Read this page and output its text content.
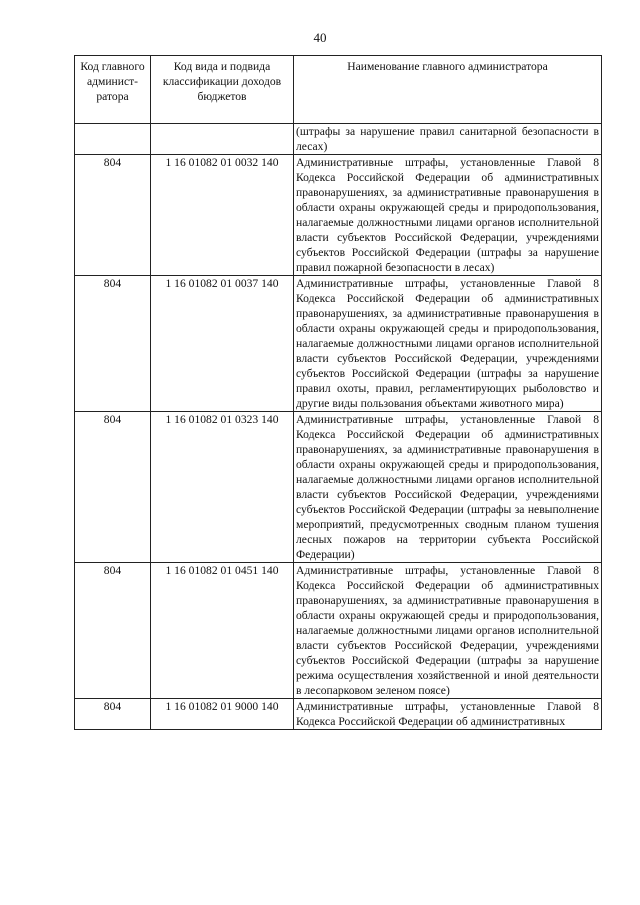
40
Код главного админист-ратора	Код вида и подвида классификации доходов бюджетов	Наименование главного администратора
		(штрафы за нарушение правил санитарной безопасности в лесах)
804	1 16 01082 01 0032 140	Административные штрафы, установленные Главой 8 Кодекса Российской Федерации об административных правонарушениях, за административные правонарушения в области охраны окружающей среды и природопользования, налагаемые должностными лицами органов исполнительной власти субъектов Российской Федерации, учреждениями субъектов Российской Федерации (штрафы за нарушение правил пожарной безопасности в лесах)
804	1 16 01082 01 0037 140	Административные штрафы, установленные Главой 8 Кодекса Российской Федерации об административных правонарушениях, за административные правонарушения в области охраны окружающей среды и природопользования, налагаемые должностными лицами органов исполнительной власти субъектов Российской Федерации, учреждениями субъектов Российской Федерации (штрафы за нарушение правил охоты, правил, регламентирующих рыболовство и другие виды пользования объектами животного мира)
804	1 16 01082 01 0323 140	Административные штрафы, установленные Главой 8 Кодекса Российской Федерации об административных правонарушениях, за административные правонарушения в области охраны окружающей среды и природопользования, налагаемые должностными лицами органов исполнительной власти субъектов Российской Федерации, учреждениями субъектов Российской Федерации (штрафы за невыполнение мероприятий, предусмотренных сводным планом тушения лесных пожаров на территории субъекта Российской Федерации)
804	1 16 01082 01 0451 140	Административные штрафы, установленные Главой 8 Кодекса Российской Федерации об административных правонарушениях, за административные правонарушения в области охраны окружающей среды и природопользования, налагаемые должностными лицами органов исполнительной власти субъектов Российской Федерации, учреждениями субъектов Российской Федерации (штрафы за нарушение режима осуществления хозяйственной и иной деятельности в лесопарковом зеленом поясе)
804	1 16 01082 01 9000 140	Административные штрафы, установленные Главой 8 Кодекса Российской Федерации об административных
